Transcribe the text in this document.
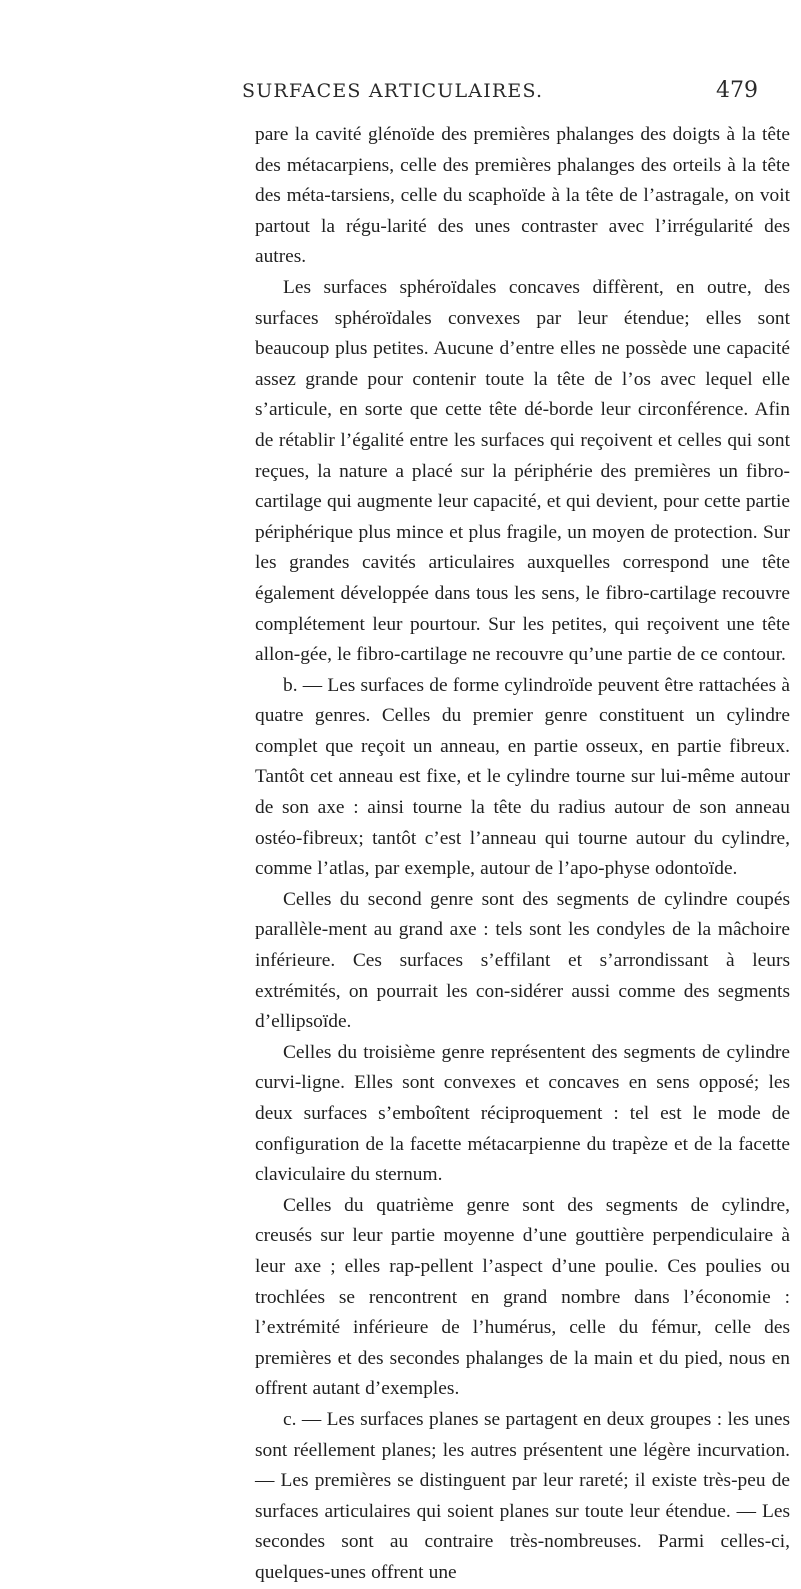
SURFACES ARTICULAIRES.	479

pare la cavité glénoïde des premières phalanges des doigts à la tête des métacarpiens, celle des premières phalanges des orteils à la tête des méta-tarsiens, celle du scaphoïde à la tête de l’astragale, on voit partout la régu-larité des unes contraster avec l’irrégularité des autres.

Les surfaces sphéroïdales concaves diffèrent, en outre, des surfaces sphéroïdales convexes par leur étendue; elles sont beaucoup plus petites. Aucune d’entre elles ne possède une capacité assez grande pour contenir toute la tête de l’os avec lequel elle s’articule, en sorte que cette tête dé-borde leur circonférence. Afin de rétablir l’égalité entre les surfaces qui reçoivent et celles qui sont reçues, la nature a placé sur la périphérie des premières un fibro-cartilage qui augmente leur capacité, et qui devient, pour cette partie périphérique plus mince et plus fragile, un moyen de protection. Sur les grandes cavités articulaires auxquelles correspond une tête également développée dans tous les sens, le fibro-cartilage recouvre complétement leur pourtour. Sur les petites, qui reçoivent une tête allon-gée, le fibro-cartilage ne recouvre qu’une partie de ce contour.

b. — Les surfaces de forme cylindroïde peuvent être rattachées à quatre genres. Celles du premier genre constituent un cylindre complet que reçoit un anneau, en partie osseux, en partie fibreux. Tantôt cet anneau est fixe, et le cylindre tourne sur lui-même autour de son axe : ainsi tourne la tête du radius autour de son anneau ostéo-fibreux; tantôt c’est l’anneau qui tourne autour du cylindre, comme l’atlas, par exemple, autour de l’apo-physe odontoïde.

Celles du second genre sont des segments de cylindre coupés parallèle-ment au grand axe : tels sont les condyles de la mâchoire inférieure. Ces surfaces s’effilant et s’arrondissant à leurs extrémités, on pourrait les con-sidérer aussi comme des segments d’ellipsoïde.

Celles du troisième genre représentent des segments de cylindre curvi-ligne. Elles sont convexes et concaves en sens opposé; les deux surfaces s’emboîtent réciproquement : tel est le mode de configuration de la facette métacarpienne du trapèze et de la facette claviculaire du sternum.

Celles du quatrième genre sont des segments de cylindre, creusés sur leur partie moyenne d’une gouttière perpendiculaire à leur axe ; elles rap-pellent l’aspect d’une poulie. Ces poulies ou trochlées se rencontrent en grand nombre dans l’économie : l’extrémité inférieure de l’humérus, celle du fémur, celle des premières et des secondes phalanges de la main et du pied, nous en offrent autant d’exemples.

c. — Les surfaces planes se partagent en deux groupes : les unes sont réellement planes; les autres présentent une légère incurvation. — Les premières se distinguent par leur rareté; il existe très-peu de surfaces articulaires qui soient planes sur toute leur étendue. — Les secondes sont au contraire très-nombreuses. Parmi celles-ci, quelques-unes offrent une
